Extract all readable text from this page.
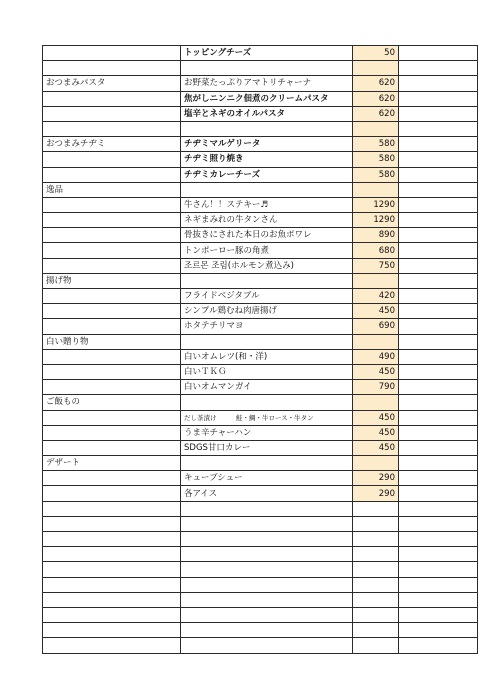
	トッピングチーズ	50	

おつまみパスタ	お野菜たっぷりアマトリチャーナ	620	
	焦がしニンニク佃煮のクリームパスタ	620	
	塩辛とネギのオイルパスタ	620	

おつまみチヂミ	チヂミマルゲリータ	580	
	チヂミ照り焼き	580	
	チヂミカレーチーズ	580	
逸品			
	牛さん！！ステキー♬	1290	
	ネギまみれの牛タンさん	1290	
	骨抜きにされた本日のお魚ポワレ	890	
	トンポーロー豚の角煮	680	
	조르몬 조림(ホルモン煮込み)	750	
揚げ物			
	フライドベジタブル	420	
	シンプル鶏むね肉唐揚げ	450	
	ホタテチリマヨ	690	
白い贈り物			
	白いオムレツ(和・洋)	490	
	白いＴＫＧ	450	
	白いオムマンガイ	790	
ご飯もの			
	だし茶漬け　　　鮭・鯛・牛ロース・牛タン	450	
	うま辛チャーハン	450	
	SDGS甘口カレー	450	
デザート			
	キューブシュー	290	
	各アイス	290	
